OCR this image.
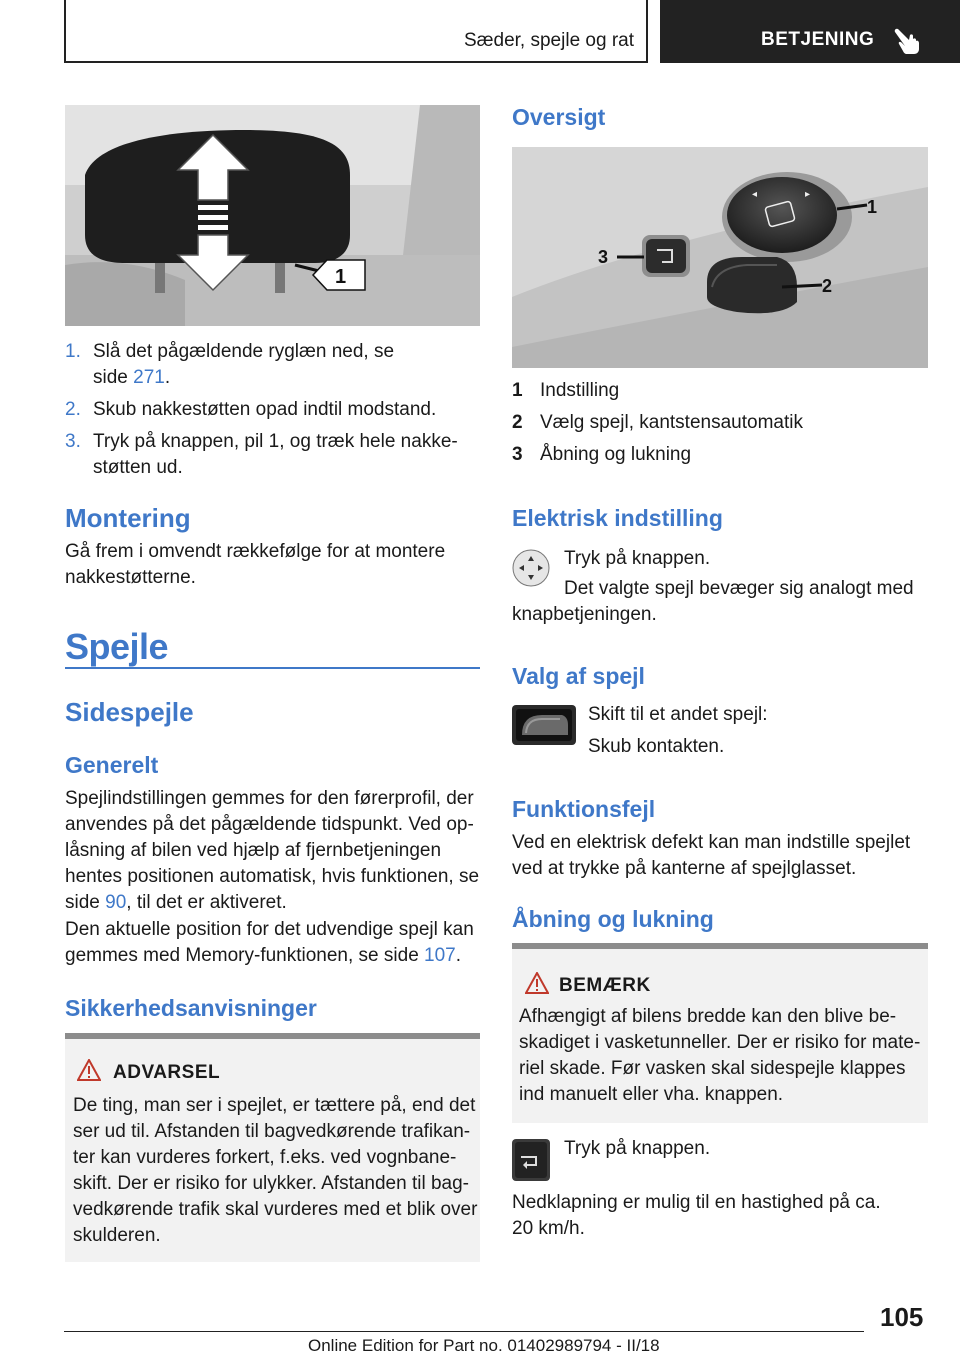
Sæder, spejle og rat	BETJENING
1
1. Slå det pågældende ryglæn ned, se
side 271.
2. Skub nakkestøtten opad indtil modstand.
3. Tryk på knappen, pil 1, og træk hele nakke-
støtten ud.
Montering
Gå frem i omvendt rækkefølge for at montere
nakkestøtterne.
Spejle
Sidespejle
Generelt
Spejlindstillingen gemmes for den førerprofil, der
anvendes på det pågældende tidspunkt. Ved op-
låsning af bilen ved hjælp af fjernbetjeningen
hentes positionen automatisk, hvis funktionen, se
side 90, til det er aktiveret.
Den aktuelle position for det udvendige spejl kan
gemmes med Memory-funktionen, se side 107.
Sikkerhedsanvisninger
ADVARSEL
De ting, man ser i spejlet, er tættere på, end det
ser ud til. Afstanden til bagvedkørende trafikan-
ter kan vurderes forkert, f.eks. ved vognbane-
skift. Der er risiko for ulykker. Afstanden til bag-
vedkørende trafik skal vurderes med et blik over
skulderen.
Oversigt
◂	▸
1
3
2
1 Indstilling
2 Vælg spejl, kantstensautomatik
3 Åbning og lukning
Elektrisk indstilling
Tryk på knappen.
Det valgte spejl bevæger sig analogt med
knapbetjeningen.
Valg af spejl
Skift til et andet spejl:
Skub kontakten.
Funktionsfejl
Ved en elektrisk defekt kan man indstille spejlet
ved at trykke på kanterne af spejlglasset.
Åbning og lukning
BEMÆRK
Afhængigt af bilens bredde kan den blive be-
skadiget i vasketunneller. Der er risiko for mate-
riel skade. Før vasken skal sidespejle klappes
ind manuelt eller vha. knappen.
Tryk på knappen.
Nedklapning er mulig til en hastighed på ca.
20 km/h.
105
Online Edition for Part no. 01402989794 - II/18
